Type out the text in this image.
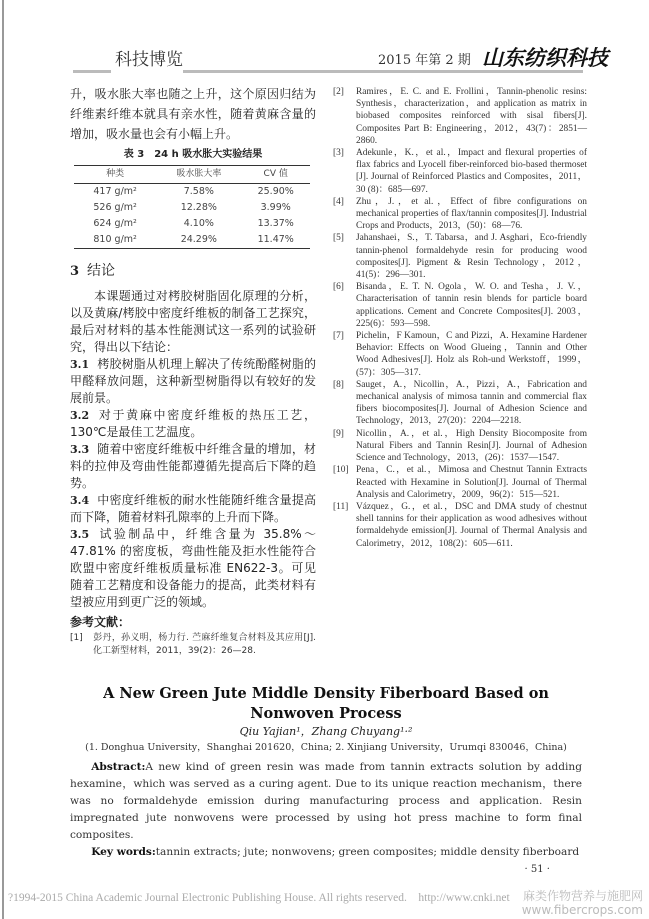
科技博览	2015 年第 2 期 山东纺织科技

升，吸水胀大率也随之上升，这个原因归结为纤维素纤维本就具有亲水性，随着黄麻含量的增加，吸水量也会有小幅上升。

表 3　24 h 吸水胀大实验结果
种类	吸水胀大率	CV 值
417 g/m²	7.58%	25.90%
526 g/m²	12.28%	3.99%
624 g/m²	4.10%	13.37%
810 g/m²	24.29%	11.47%
3 结论

本课题通过对栲胶树脂固化原理的分析，以及黄麻/栲胶中密度纤维板的制备工艺探究，最后对材料的基本性能测试这一系列的试验研究，得出以下结论：

3.1 栲胶树脂从机理上解决了传统酚醛树脂的甲醛释放问题，这种新型树脂得以有较好的发展前景。

3.2 对于黄麻中密度纤维板的热压工艺，130℃是最佳工艺温度。

3.3 随着中密度纤维板中纤维含量的增加，材料的拉伸及弯曲性能都遵循先提高后下降的趋势。

3.4 中密度纤维板的耐水性能随纤维含量提高而下降，随着材料孔隙率的上升而下降。

3.5 试验制品中，纤维含量为 35.8%～47.81% 的密度板，弯曲性能及拒水性能符合欧盟中密度纤维板质量标准 EN622-3。可见随着工艺精度和设备能力的提高，此类材料有望被应用到更广泛的领域。

参考文献：

[1] 彭丹，孙义明，杨力行. 苎麻纤维复合材料及其应用[J]. 化工新型材料，2011，39(2)：26—28.

[2] Ramires，E. C. and E. Frollini，Tannin-phenolic resins: Synthesis，characterization，and application as matrix in biobased composites reinforced with sisal fibers[J]. Composites Part B: Engineering，2012，43(7)：2851—2860.

[3] Adekunle，K.，et al.，Impact and flexural properties of flax fabrics and Lyocell fiber-reinforced bio-based thermoset [J]. Journal of Reinforced Plastics and Composites，2011，30 (8)：685—697.

[4] Zhu，J.，et al.，Effect of fibre configurations on mechanical properties of flax/tannin composites[J]. Industrial Crops and Products，2013，(50)：68—76.

[5] Jahanshaei，S.，T. Tabarsa，and J. Asghari，Eco-friendly tannin-phenol formaldehyde resin for producing wood composites[J]. Pigment & Resin Technology，2012，41(5)：296—301.

[6] Bisanda，E. T. N. Ogola，W. O. and Tesha，J. V.，Characterisation of tannin resin blends for particle board applications. Cement and Concrete Composites[J]. 2003，225(6)：593—598.

[7] Pichelin，F Kamoun，C and Pizzi，A. Hexamine Hardener Behavior: Effects on Wood Glueing，Tannin and Other Wood Adhesives[J]. Holz als Roh-und Werkstoff，1999，(57)：305—317.

[8] Sauget，A.，Nicollin，A.，Pizzi，A.，Fabrication and mechanical analysis of mimosa tannin and commercial flax fibers biocomposites[J]. Journal of Adhesion Science and Technology，2013，27(20)：2204—2218.

[9] Nicollin，A.，et al.，High Density Biocomposite from Natural Fibers and Tannin Resin[J]. Journal of Adhesion Science and Technology，2013，(26)：1537—1547.

[10] Pena，C.，et al.，Mimosa and Chestnut Tannin Extracts Reacted with Hexamine in Solution[J]. Journal of Thermal Analysis and Calorimetry，2009，96(2)：515—521.

[11] Vázquez，G.，et al.，DSC and DMA study of chestnut shell tannins for their application as wood adhesives without formaldehyde emission[J]. Journal of Thermal Analysis and Calorimetry，2012，108(2)：605—611.

A New Green Jute Middle Density Fiberboard Based on Nonwoven Process
Qiu Yajian¹，Zhang Chuyang¹·²
(1. Donghua University，Shanghai 201620，China; 2. Xinjiang University，Urumqi 830046，China)
Abstract:A new kind of green resin was made from tannin extracts solution by adding hexamine，which was served as a curing agent. Due to its unique reaction mechanism，there was no formaldehyde emission during manufacturing process and application. Resin impregnated jute nonwovens were processed by using hot press machine to form final composites.
Key words:tannin extracts; jute; nonwovens; green composites; middle density fiberboard
· 51 ·
?1994-2015 China Academic Journal Electronic Publishing House. All rights reserved.　http://www.cnki.net 麻类作物营养与施肥网
www.fibercrops.com
